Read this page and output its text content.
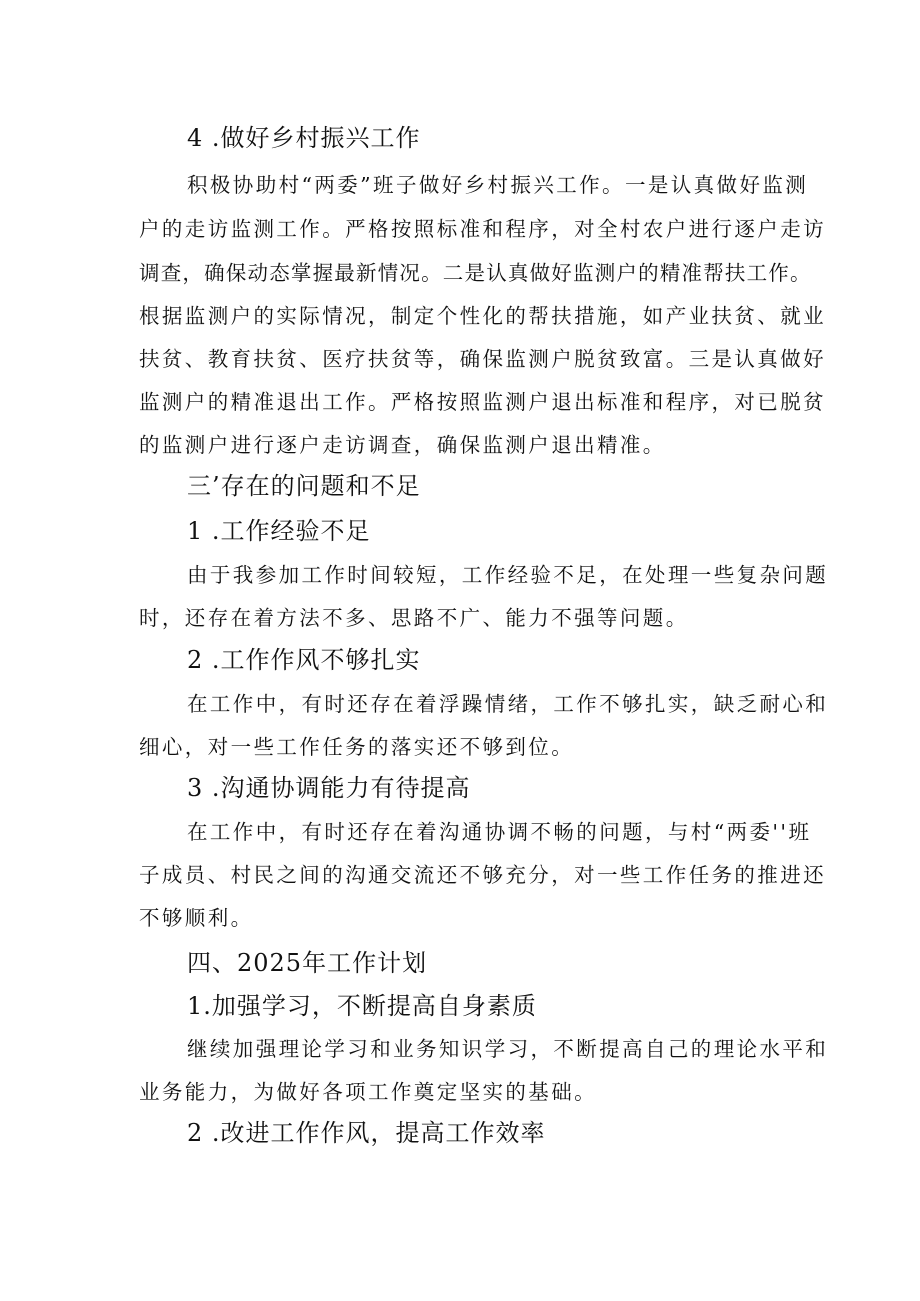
4 .做好乡村振兴工作
积极协助村“两委”班子做好乡村振兴工作。一是认真做好监测
户的走访监测工作。严格按照标准和程序，对全村农户进行逐户走访
调查，确保动态掌握最新情况。二是认真做好监测户的精准帮扶工作。
根据监测户的实际情况，制定个性化的帮扶措施，如产业扶贫、就业
扶贫、教育扶贫、医疗扶贫等，确保监测户脱贫致富。三是认真做好
监测户的精准退出工作。严格按照监测户退出标准和程序，对已脱贫
的监测户进行逐户走访调查，确保监测户退出精准。
三’存在的问题和不足
1 .工作经验不足
由于我参加工作时间较短，工作经验不足，在处理一些复杂问题
时，还存在着方法不多、思路不广、能力不强等问题。
2 .工作作风不够扎实
在工作中，有时还存在着浮躁情绪，工作不够扎实，缺乏耐心和
细心，对一些工作任务的落实还不够到位。
3 .沟通协调能力有待提高
在工作中，有时还存在着沟通协调不畅的问题，与村“两委''班
子成员、村民之间的沟通交流还不够充分，对一些工作任务的推进还
不够顺利。
四、2025年工作计划
1.加强学习，不断提高自身素质
继续加强理论学习和业务知识学习，不断提高自己的理论水平和
业务能力，为做好各项工作奠定坚实的基础。
2 .改进工作作风，提高工作效率
